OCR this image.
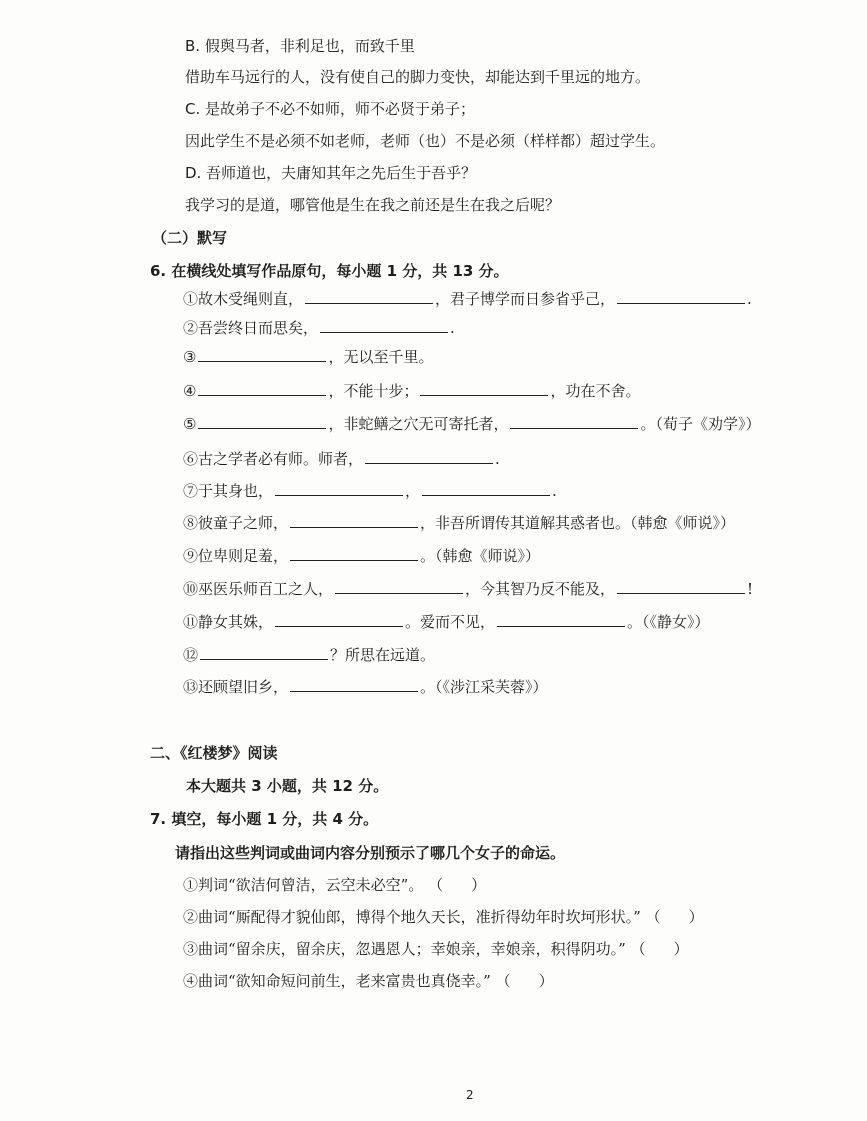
B. 假舆马者，非利足也，而致千里
借助车马远行的人，没有使自己的脚力变快，却能达到千里远的地方。
C. 是故弟子不必不如师，师不必贤于弟子；
因此学生不是必须不如老师，老师（也）不是必须（样样都）超过学生。
D. 吾师道也，夫庸知其年之先后生于吾乎？
我学习的是道，哪管他是生在我之前还是生在我之后呢？
（二）默写
6. 在横线处填写作品原句，每小题 1 分，共 13 分。
①故木受绳则直，	，君子博学而日参省乎己，	.
②吾尝终日而思矣，	.
③	，无以至千里。
④	，不能十步；	，功在不舍。
⑤	，非蛇鳝之穴无可寄托者，	。（荀子《劝学》）
⑥古之学者必有师。师者，	.
⑦于其身也，	，	.
⑧彼童子之师，	，非吾所谓传其道解其惑者也。（韩愈《师说》）
⑨位卑则足羞，	。（韩愈《师说》）
⑩巫医乐师百工之人，	，今其智乃反不能及，	!
⑪静女其姝，	。爱而不见，	。（《静女》）
⑫	？所思在远道。
⑬还顾望旧乡，	。（《涉江采芙蓉》）
二、《红楼梦》阅读
本大题共 3 小题，共 12 分。
7. 填空，每小题 1 分，共 4 分。
请指出这些判词或曲词内容分别预示了哪几个女子的命运。
①判词“欲洁何曾洁，云空未必空”。 （ ）
②曲词“厮配得才貌仙郎，博得个地久天长，准折得幼年时坎坷形状。” （ ）
③曲词“留余庆，留余庆，忽遇恩人；幸娘亲，幸娘亲，积得阴功。” （ ）
④曲词“欲知命短问前生，老来富贵也真侥幸。” （ ）
2
